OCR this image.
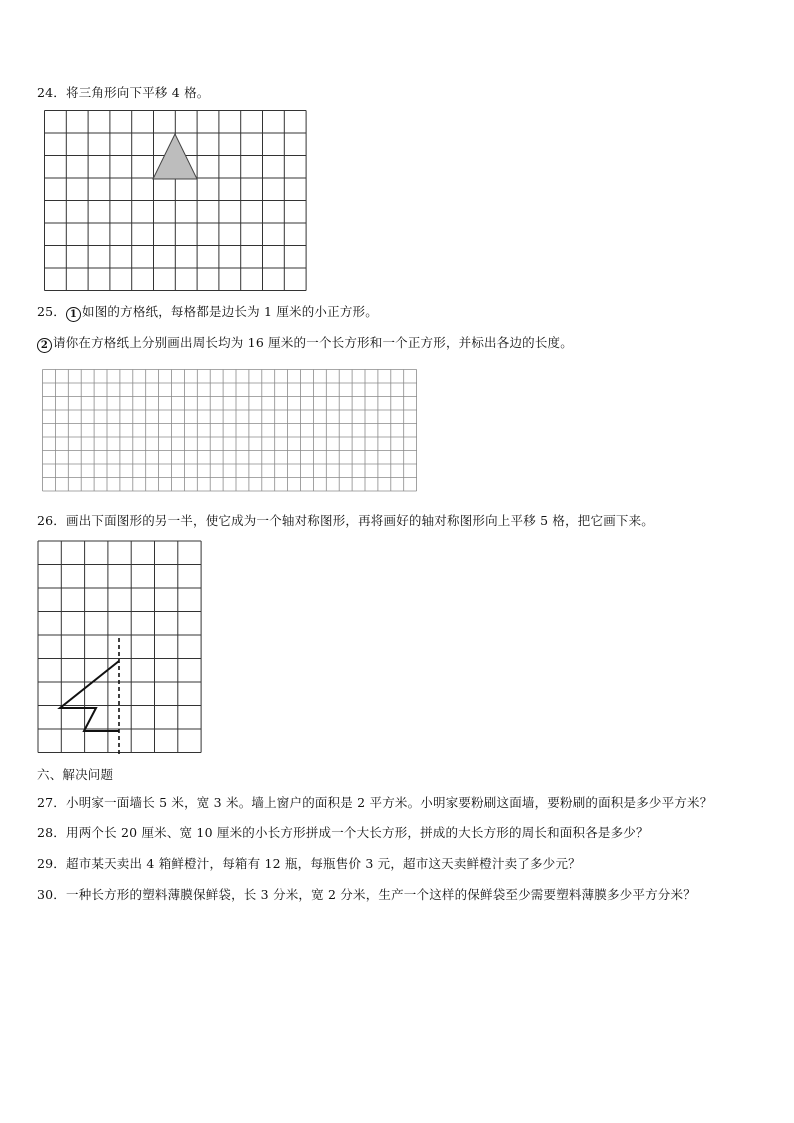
24．将三角形向下平移 4 格。
25． 1 如图的方格纸，每格都是边长为 1 厘米的小正方形。
2 请你在方格纸上分别画出周长均为 16 厘米的一个长方形和一个正方形，并标出各边的长度。
26．画出下面图形的另一半，使它成为一个轴对称图形，再将画好的轴对称图形向上平移 5 格，把它画下来。
六、解决问题
27．小明家一面墙长 5 米，宽 3 米。墙上窗户的面积是 2 平方米。小明家要粉刷这面墙，要粉刷的面积是多少平方米？
28．用两个长 20 厘米、宽 10 厘米的小长方形拼成一个大长方形，拼成的大长方形的周长和面积各是多少？
29．超市某天卖出 4 箱鲜橙汁，每箱有 12 瓶，每瓶售价 3 元，超市这天卖鲜橙汁卖了多少元？
30．一种长方形的塑料薄膜保鲜袋，长 3 分米，宽 2 分米，生产一个这样的保鲜袋至少需要塑料薄膜多少平方分米？
